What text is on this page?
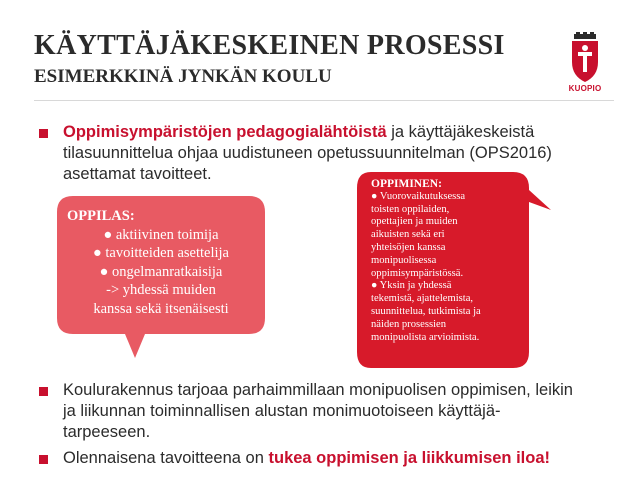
KÄYTTÄJÄKESKEINEN PROSESSI
ESIMERKKINÄ JYNKÄN KOULU
KUOPIO
Oppimisympäristöjen pedagogialähtöistä ja käyttäjäkeskeistä
tilasuunnittelua ohjaa uudistuneen opetussuunnitelman (OPS2016)
asettamat tavoitteet.
OPPILAS:
● aktiivinen toimija
● tavoitteiden asettelija
● ongelmanratkaisija
-> yhdessä muiden
kanssa sekä itsenäisesti
OPPIMINEN:
● Vuorovaikutuksessa
toisten oppilaiden,
opettajien ja muiden
aikuisten sekä eri
yhteisöjen kanssa
monipuolisessa
oppimisympäristössä.
● Yksin ja yhdessä
tekemistä, ajattelemista,
suunnittelua, tutkimista ja
näiden prosessien
monipuolista arvioimista.
Koulurakennus tarjoaa parhaimmillaan monipuolisen oppimisen, leikin
ja liikunnan toiminnallisen alustan monimuotoiseen käyttäjä-
tarpeeseen.
Olennaisena tavoitteena on tukea oppimisen ja liikkumisen iloa!
